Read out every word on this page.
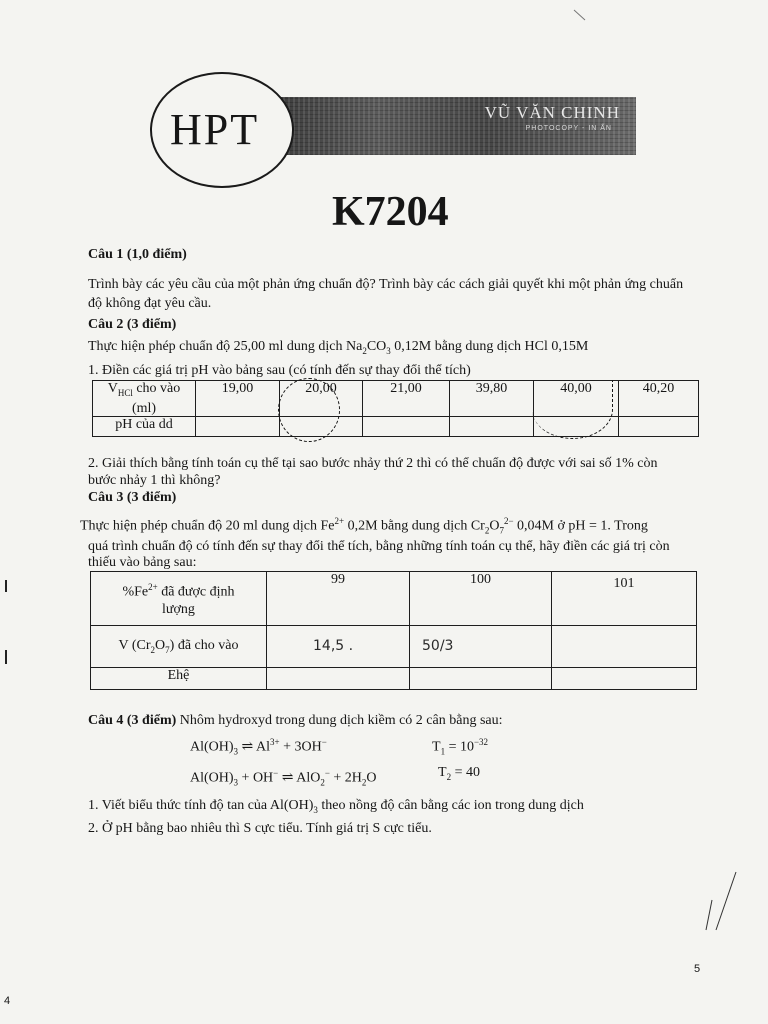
VŨ VĂN CHINH
PHOTOCOPY - IN ẤN
HPT
K7204
Câu 1 (1,0 điểm)
Trình bày các yêu cầu của một phản ứng chuẩn độ? Trình bày các cách giải quyết khi một phản ứng chuẩn
độ không đạt yêu cầu.
Câu 2 (3 điểm)
Thực hiện phép chuẩn độ 25,00 ml dung dịch $Na_2CO_3$ 0,12M bằng dung dịch HCl 0,15M
1. Điền các giá trị pH vào bảng sau (có tính đến sự thay đổi thể tích)
$V_{HCl}$ cho vào
(ml)	19,00	20,00	21,00	39,80	40,00	40,20
pH của dd						
2. Giải thích bằng tính toán cụ thể tại sao bước nhảy thứ 2 thì có thể chuẩn độ được với sai số 1% còn
bước nhảy 1 thì không?
Câu 3 (3 điểm)
Thực hiện phép chuẩn độ 20 ml dung dịch $Fe^{2+}$ 0,2M bằng dung dịch $Cr_2O_7^{2-}$ 0,04M ở pH = 1. Trong
quá trình chuẩn độ có tính đến sự thay đổi thể tích, bằng những tính toán cụ thể, hãy điền các giá trị còn
thiếu vào bảng sau:
$\%Fe^{2+}$ đã được định
lượng	99	100	101
V $(Cr_2O_7)$ đã cho vào	14,5 .	50/3	
Ehệ			
Câu 4 (3 điểm) Nhôm hydroxyd trong dung dịch kiềm có 2 cân bằng sau:
$Al(OH)_3$ ⇌ $Al^{3+} + 3OH^-$	$T_1 = 10^{-32}$
$Al(OH)_3 + OH^-$ ⇌ $AlO_2^- + 2H_2O$	$T_2 = 40$
1. Viết biểu thức tính độ tan của $Al(OH)_3$ theo nồng độ cân bằng các ion trong dung dịch
2. Ở pH bằng bao nhiêu thì S cực tiểu. Tính giá trị S cực tiểu.
5
4
